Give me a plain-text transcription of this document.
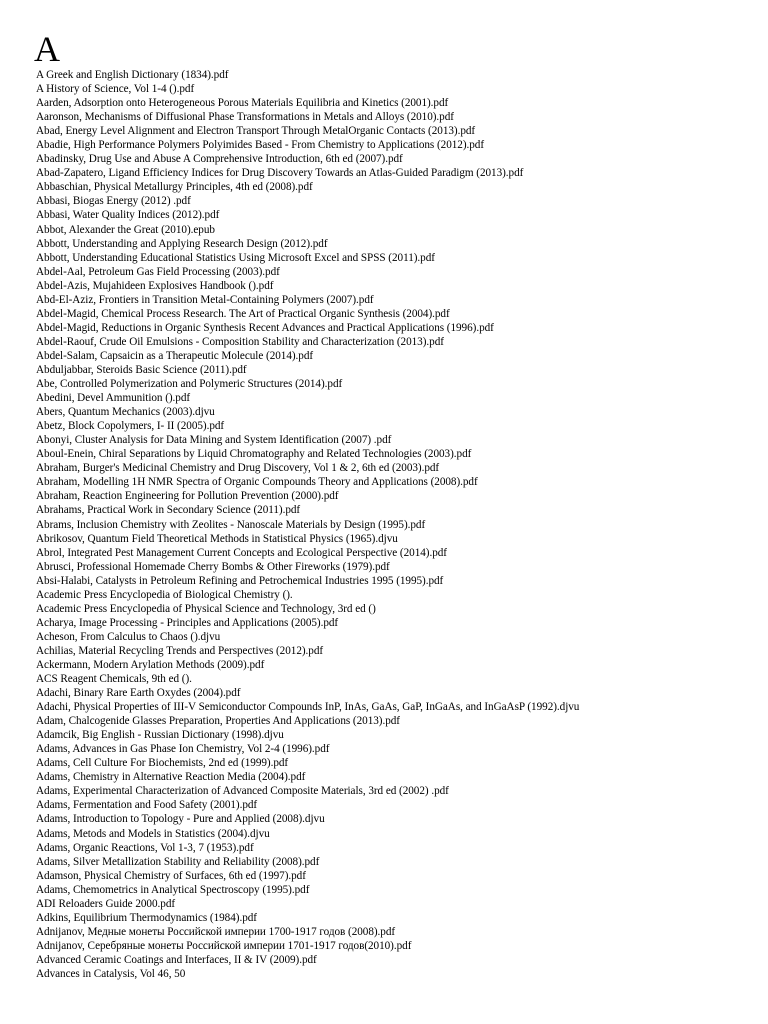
A
A Greek and English Dictionary (1834).pdf
A History of Science, Vol 1-4 ().pdf
Aarden, Adsorption onto Heterogeneous Porous Materials Equilibria and Kinetics (2001).pdf
Aaronson, Mechanisms of Diffusional Phase Transformations in Metals and Alloys (2010).pdf
Abad, Energy Level Alignment and Electron Transport Through MetalOrganic Contacts (2013).pdf
Abadie, High Performance Polymers Polyimides Based - From Chemistry to Applications (2012).pdf
Abadinsky, Drug Use and Abuse A Comprehensive Introduction, 6th ed (2007).pdf
Abad-Zapatero, Ligand Efficiency Indices for Drug Discovery Towards an Atlas-Guided Paradigm (2013).pdf
Abbaschian, Physical Metallurgy Principles, 4th ed (2008).pdf
Abbasi, Biogas Energy (2012) .pdf
Abbasi, Water Quality Indices (2012).pdf
Abbot, Alexander the Great (2010).epub
Abbott, Understanding and Applying Research Design (2012).pdf
Abbott, Understanding Educational Statistics Using Microsoft Excel and SPSS (2011).pdf
Abdel-Aal, Petroleum Gas Field Processing (2003).pdf
Abdel-Azis, Mujahideen Explosives Handbook ().pdf
Abd-El-Aziz, Frontiers in Transition Metal-Containing Polymers (2007).pdf
Abdel-Magid, Chemical Process Research. The Art of Practical Organic Synthesis (2004).pdf
Abdel-Magid, Reductions in Organic Synthesis Recent Advances and Practical Applications (1996).pdf
Abdel-Raouf, Crude Oil Emulsions - Composition Stability and Characterization (2013).pdf
Abdel-Salam, Capsaicin as a Therapeutic Molecule (2014).pdf
Abduljabbar, Steroids Basic Science (2011).pdf
Abe, Controlled Polymerization and Polymeric Structures (2014).pdf
Abedini, Devel Ammunition ().pdf
Abers, Quantum Mechanics (2003).djvu
Abetz, Block Copolymers, I- II (2005).pdf
Abonyi, Cluster Analysis for Data Mining and System Identification (2007) .pdf
Aboul-Enein, Chiral Separations by Liquid Chromatography and Related Technologies (2003).pdf
Abraham, Burger's Medicinal Chemistry and Drug Discovery, Vol 1 & 2, 6th ed (2003).pdf
Abraham, Modelling 1H NMR Spectra of Organic Compounds Theory and Applications (2008).pdf
Abraham, Reaction Engineering for Pollution Prevention (2000).pdf
Abrahams, Practical Work in Secondary Science (2011).pdf
Abrams, Inclusion Chemistry with Zeolites - Nanoscale Materials by Design (1995).pdf
Abrikosov, Quantum Field Theoretical Methods in Statistical Physics (1965).djvu
Abrol, Integrated Pest Management Current Concepts and Ecological Perspective (2014).pdf
Abrusci, Professional Homemade Cherry Bombs & Other Fireworks (1979).pdf
Absi-Halabi, Catalysts in Petroleum Refining and Petrochemical Industries 1995 (1995).pdf
Academic Press Encyclopedia of Biological Chemistry ().
Academic Press Encyclopedia of Physical Science and Technology, 3rd ed ()
Acharya, Image Processing - Principles and Applications (2005).pdf
Acheson, From Calculus to Chaos ().djvu
Achilias, Material Recycling Trends and Perspectives (2012).pdf
Ackermann, Modern Arylation Methods (2009).pdf
ACS Reagent Chemicals, 9th ed ().
Adachi, Binary Rare Earth Oxydes (2004).pdf
Adachi, Physical Properties of III-V Semiconductor Compounds InP, InAs, GaAs, GaP, InGaAs, and InGaAsP (1992).djvu
Adam, Chalcogenide Glasses Preparation, Properties And Applications (2013).pdf
Adamcik, Big English - Russian Dictionary (1998).djvu
Adams, Advances in Gas Phase Ion Chemistry, Vol 2-4 (1996).pdf
Adams, Cell Culture For Biochemists, 2nd ed (1999).pdf
Adams, Chemistry in Alternative Reaction Media (2004).pdf
Adams, Experimental Characterization of Advanced Composite Materials, 3rd ed (2002) .pdf
Adams, Fermentation and Food Safety (2001).pdf
Adams, Introduction to Topology - Pure and Applied (2008).djvu
Adams, Metods and Models in Statistics (2004).djvu
Adams, Organic Reactions, Vol 1-3, 7 (1953).pdf
Adams, Silver Metallization Stability and Reliability (2008).pdf
Adamson, Physical Chemistry of Surfaces, 6th ed (1997).pdf
Adams, Chemometrics in Analytical Spectroscopy (1995).pdf
ADI Reloaders Guide 2000.pdf
Adkins, Equilibrium Thermodynamics (1984).pdf
Adnijanov, Медные монеты Российской империи 1700-1917 годов (2008).pdf
Adnijanov, Серебряные монеты Российской империи 1701-1917 годов(2010).pdf
Advanced Ceramic Coatings and Interfaces, II & IV (2009).pdf
Advances in Catalysis, Vol 46, 50
